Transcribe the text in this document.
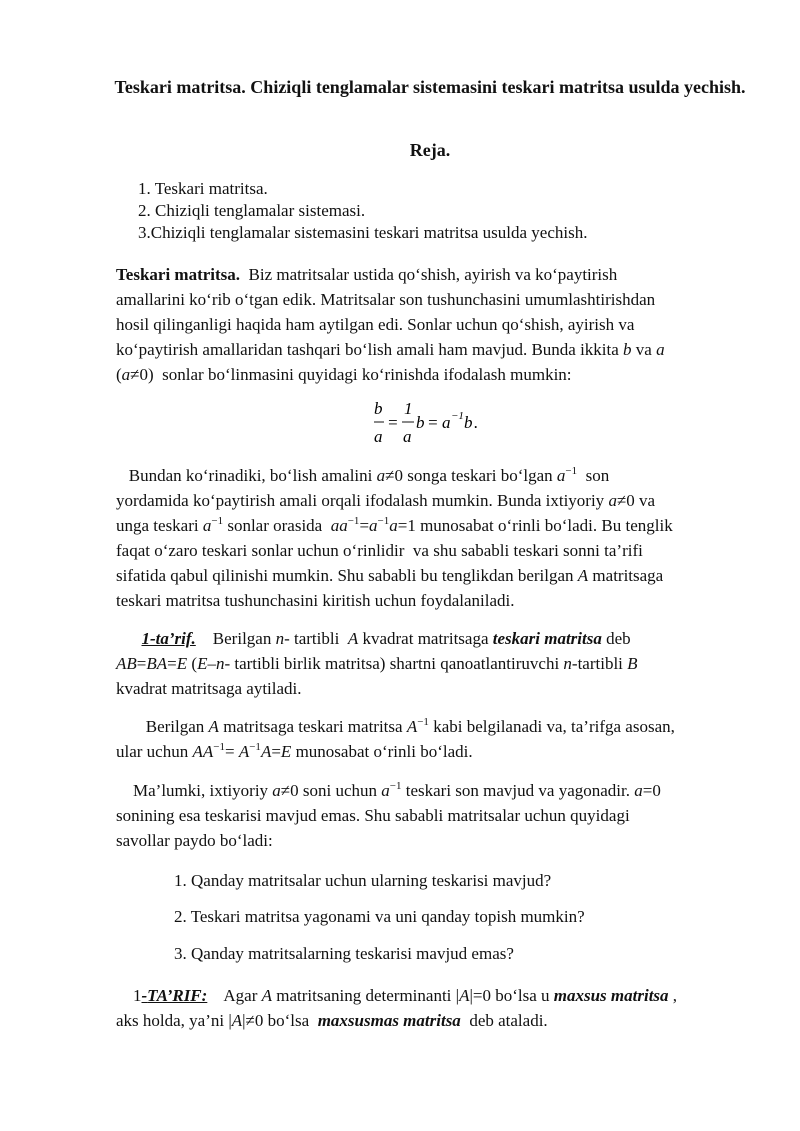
Teskari matritsa. Chiziqli tenglamalar sistemasini teskari matritsa usulda yechish.
Reja.
1. Teskari matritsa.
2. Chiziqli tenglamalar sistemasi.
3.Chiziqli tenglamalar sistemasini teskari matritsa usulda yechish.
Teskari matritsa.  Biz matritsalar ustida qo‘shish, ayirish va ko‘paytirish
amallarini ko‘rib o‘tgan edik. Matritsalar son tushunchasini umumlashtirishdan
hosil qilinganligi haqida ham aytilgan edi. Sonlar uchun qo‘shish, ayirish va
ko‘paytirish amallaridan tashqari bo‘lish amali ham mavjud. Bunda ikkita b va a
(a≠0)  sonlar bo‘linmasini quyidagi ko‘rinishda ifodalash mumkin:
b
a
=
1
a
b = a −1 b .
Bundan ko‘rinadiki, bo‘lish amalini a≠0 songa teskari bo‘lgan $a^{-1}$  son
yordamida ko‘paytirish amali orqali ifodalash mumkin. Bunda ixtiyoriy a≠0 va
unga teskari $a^{-1}$ sonlar orasida  $aa^{-1}=a^{-1}a=1$ munosabat o‘rinli bo‘ladi. Bu tenglik
faqat o‘zaro teskari sonlar uchun o‘rinlidir  va shu sababli teskari sonni ta’rifi
sifatida qabul qilinishi mumkin. Shu sababli bu tenglikdan berilgan A matritsaga
teskari matritsa tushunchasini kiritish uchun foydalaniladi.
1-ta’rif.    Berilgan n- tartibli  A kvadrat matritsaga teskari matritsa deb
AB=BA=E (E–n- tartibli birlik matritsa) shartni qanoatlantiruvchi n-tartibli B
kvadrat matritsaga aytiladi.
Berilgan A matritsaga teskari matritsa $A^{-1}$ kabi belgilanadi va, ta’rifga asosan,
ular uchun $AA^{-1}= A^{-1}A=E$ munosabat o‘rinli bo‘ladi.
Ma’lumki, ixtiyoriy a≠0 soni uchun $a^{-1}$ teskari son mavjud va yagonadir. a=0
sonining esa teskarisi mavjud emas. Shu sababli matritsalar uchun quyidagi
savollar paydo bo‘ladi:
1. Qanday matritsalar uchun ularning teskarisi mavjud?
2. Teskari matritsa yagonami va uni qanday topish mumkin?
3. Qanday matritsalarning teskarisi mavjud emas?
1-TA’RIF:    Agar A matritsaning determinanti |A|=0 bo‘lsa u maxsus matritsa ,
aks holda, ya’ni |A|≠0 bo‘lsa  maxsusmas matritsa  deb ataladi.
